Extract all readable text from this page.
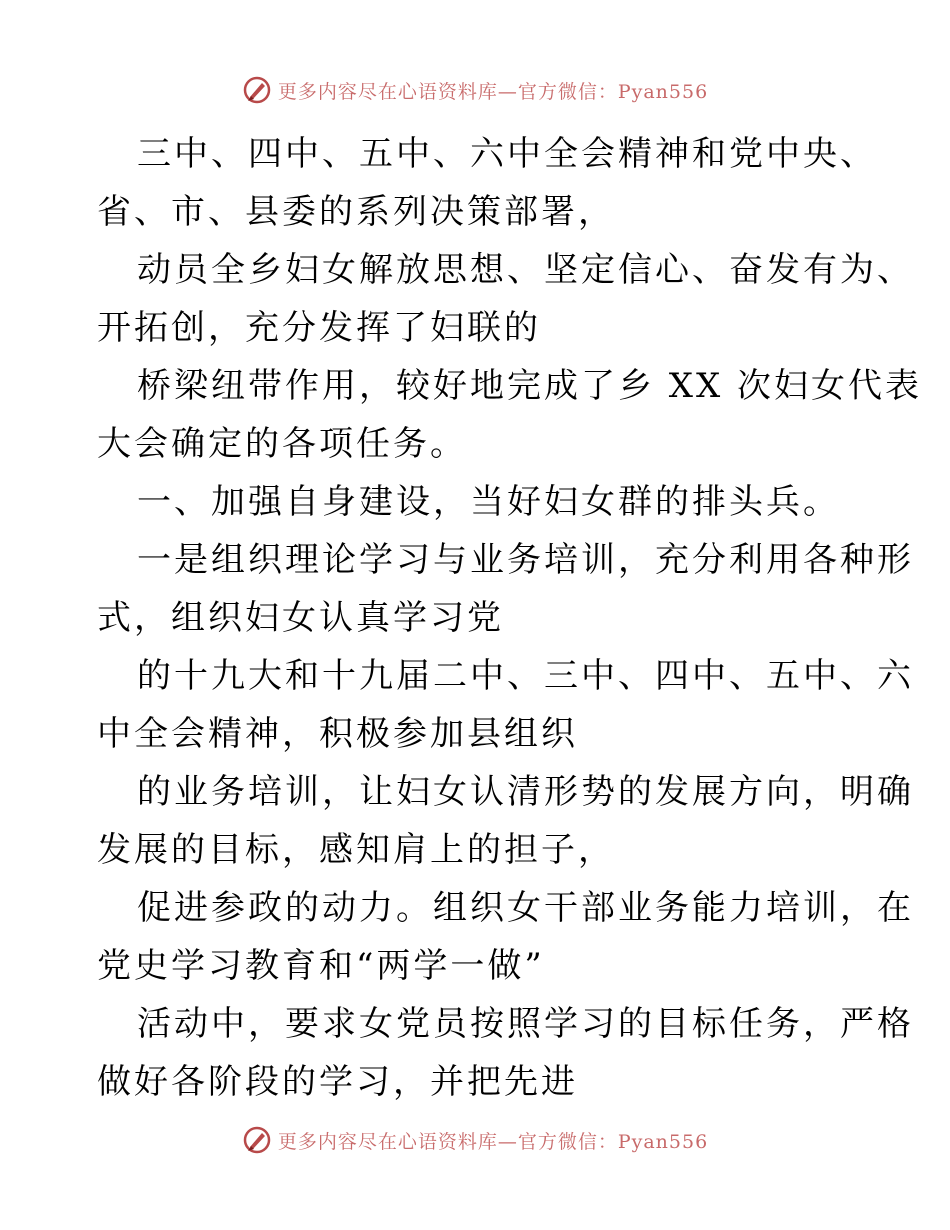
更多内容尽在心语资料库—官方微信：Pyan556
三中、四中、五中、六中全会精神和党中央、
省、市、县委的系列决策部署，
动员全乡妇女解放思想、坚定信心、奋发有为、
开拓创，充分发挥了妇联的
桥梁纽带作用，较好地完成了乡 XX 次妇女代表
大会确定的各项任务。
一、加强自身建设，当好妇女群的排头兵。
一是组织理论学习与业务培训，充分利用各种形
式，组织妇女认真学习党
的十九大和十九届二中、三中、四中、五中、六
中全会精神，积极参加县组织
的业务培训，让妇女认清形势的发展方向，明确
发展的目标，感知肩上的担子，
促进参政的动力。组织女干部业务能力培训，在
党史学习教育和“两学一做”
活动中，要求女党员按照学习的目标任务，严格
做好各阶段的学习，并把先进
更多内容尽在心语资料库—官方微信：Pyan556
